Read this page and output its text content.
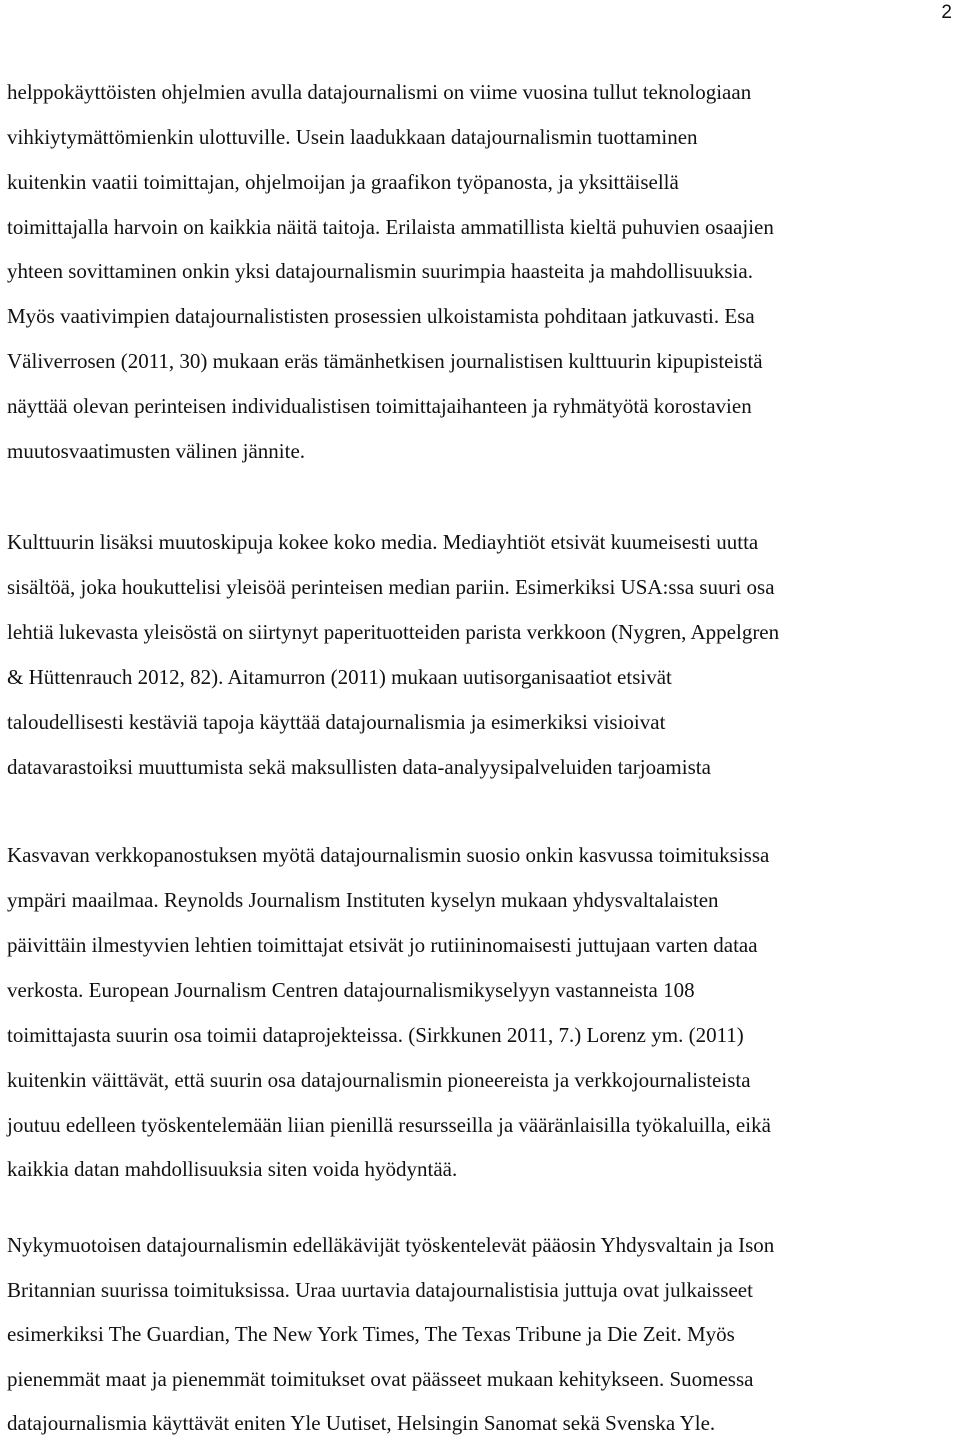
2
helppokäyttöisten ohjelmien avulla datajournalismi on viime vuosina tullut teknologiaan
vihkiytymättömienkin ulottuville. Usein laadukkaan datajournalismin tuottaminen
kuitenkin vaatii toimittajan, ohjelmoijan ja graafikon työpanosta, ja yksittäisellä
toimittajalla harvoin on kaikkia näitä taitoja. Erilaista ammatillista kieltä puhuvien osaajien
yhteen sovittaminen onkin yksi datajournalismin suurimpia haasteita ja mahdollisuuksia.
Myös vaativimpien datajournalististen prosessien ulkoistamista pohditaan jatkuvasti. Esa
Väliverrosen (2011, 30) mukaan eräs tämänhetkisen journalistisen kulttuurin kipupisteistä
näyttää olevan perinteisen individualistisen toimittajaihanteen ja ryhmätyötä korostavien
muutosvaatimusten välinen jännite.
Kulttuurin lisäksi muutoskipuja kokee koko media. Mediayhtiöt etsivät kuumeisesti uutta
sisältöä, joka houkuttelisi yleisöä perinteisen median pariin. Esimerkiksi USA:ssa suuri osa
lehtiä lukevasta yleisöstä on siirtynyt paperituotteiden parista verkkoon (Nygren, Appelgren
& Hüttenrauch 2012, 82). Aitamurron (2011) mukaan uutisorganisaatiot etsivät
taloudellisesti kestäviä tapoja käyttää datajournalismia ja esimerkiksi visioivat
datavarastoiksi muuttumista sekä maksullisten data-analyysipalveluiden tarjoamista
Kasvavan verkkopanostuksen myötä datajournalismin suosio onkin kasvussa toimituksissa
ympäri maailmaa. Reynolds Journalism Instituten kyselyn mukaan yhdysvaltalaisten
päivittäin ilmestyvien lehtien toimittajat etsivät jo rutiininomaisesti juttujaan varten dataa
verkosta. European Journalism Centren datajournalismikyselyyn vastanneista 108
toimittajasta suurin osa toimii dataprojekteissa. (Sirkkunen 2011, 7.) Lorenz ym. (2011)
kuitenkin väittävät, että suurin osa datajournalismin pioneereista ja verkkojournalisteista
joutuu edelleen työskentelemään liian pienillä resursseilla ja vääränlaisilla työkaluilla, eikä
kaikkia datan mahdollisuuksia siten voida hyödyntää.
Nykymuotoisen datajournalismin edelläkävijät työskentelevät pääosin Yhdysvaltain ja Ison
Britannian suurissa toimituksissa. Uraa uurtavia datajournalistisia juttuja ovat julkaisseet
esimerkiksi The Guardian, The New York Times, The Texas Tribune ja Die Zeit. Myös
pienemmät maat ja pienemmät toimitukset ovat päässeet mukaan kehitykseen. Suomessa
datajournalismia käyttävät eniten Yle Uutiset, Helsingin Sanomat sekä Svenska Yle.
